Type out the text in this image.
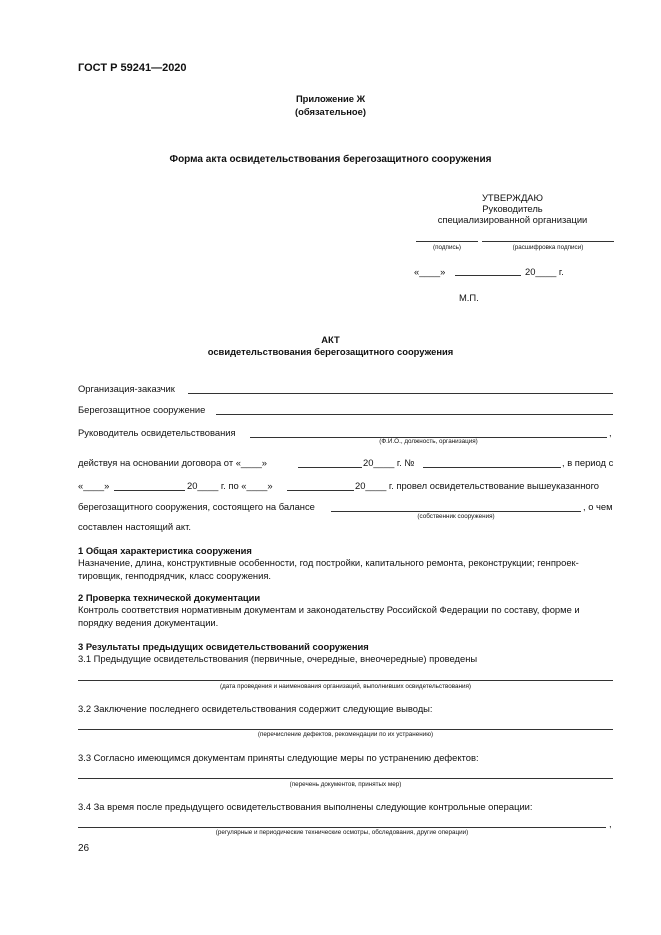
ГОСТ Р 59241—2020
Приложение Ж
(обязательное)
Форма акта освидетельствования берегозащитного сооружения
УТВЕРЖДАЮ
Руководитель
специализированной организации
(подпись)	(расшифровка подписи)
«____»	20____ г.
М.П.
АКТ
освидетельствования берегозащитного сооружения
Организация-заказчик
Берегозащитное сооружение
Руководитель освидетельствования	,
(Ф.И.О., должность, организация)
действуя на основании договора от «____»	20____ г. №	, в период с
«____»	20____ г. по «____»	20____ г. провел освидетельствование вышеуказанного
берегозащитного сооружения, состоящего на балансе	, о чем
(собственник сооружения)
составлен настоящий акт.
1 Общая характеристика сооружения
Назначение, длина, конструктивные особенности, год постройки, капитального ремонта, реконструкции; генпроек-
тировщик, генподрядчик, класс сооружения.
2 Проверка технической документации
Контроль соответствия нормативным документам и законодательству Российской Федерации по составу, форме и
порядку ведения документации.
3 Результаты предыдущих освидетельствований сооружения
3.1 Предыдущие освидетельствования (первичные, очередные, внеочередные) проведены
(дата проведения и наименования организаций, выполнивших освидетельствования)
3.2 Заключение последнего освидетельствования содержит следующие выводы:
(перечисление дефектов, рекомендации по их устранению)
3.3 Согласно имеющимся документам приняты следующие меры по устранению дефектов:
(перечень документов, принятых мер)
3.4 За время после предыдущего освидетельствования выполнены следующие контрольные операции:
,
(регулярные и периодические технические осмотры, обследования, другие операции)
26
